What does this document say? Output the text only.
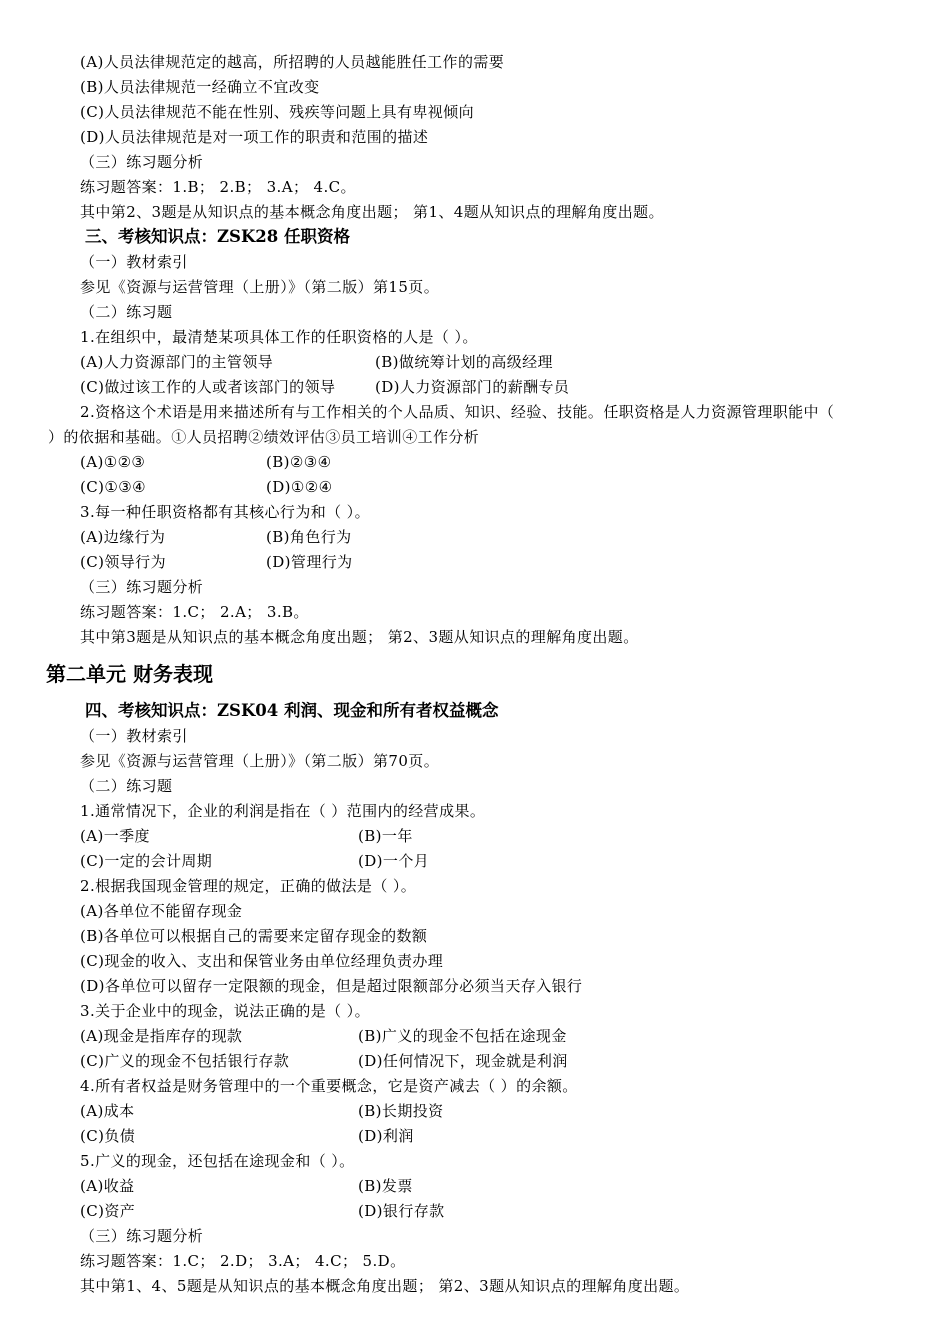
(A)人员法律规范定的越高，所招聘的人员越能胜任工作的需要
(B)人员法律规范一经确立不宜改变
(C)人员法律规范不能在性别、残疾等问题上具有卑视倾向
(D)人员法律规范是对一项工作的职责和范围的描述
（三）练习题分析
练习题答案：1.B； 2.B； 3.A； 4.C。
其中第2、3题是从知识点的基本概念角度出题； 第1、4题从知识点的理解角度出题。
三、考核知识点：ZSK28 任职资格
（一）教材索引
参见《资源与运营管理（上册）》（第二版）第15页。
（二）练习题
1.在组织中，最清楚某项具体工作的任职资格的人是（ ）。
(A)人力资源部门的主管领导	(B)做统筹计划的高级经理
(C)做过该工作的人或者该部门的领导	(D)人力资源部门的薪酬专员
2.资格这个术语是用来描述所有与工作相关的个人品质、知识、经验、技能。任职资格是人力资源管理职能中（
）的依据和基础。①人员招聘②绩效评估③员工培训④工作分析
(A)①②③	(B)②③④
(C)①③④	(D)①②④
3.每一种任职资格都有其核心行为和（ ）。
(A)边缘行为	(B)角色行为
(C)领导行为	(D)管理行为
（三）练习题分析
练习题答案：1.C； 2.A； 3.B。
其中第3题是从知识点的基本概念角度出题； 第2、3题从知识点的理解角度出题。
第二单元 财务表现
四、考核知识点：ZSK04 利润、现金和所有者权益概念
（一）教材索引
参见《资源与运营管理（上册）》（第二版）第70页。
（二）练习题
1.通常情况下，企业的利润是指在（ ）范围内的经营成果。
(A)一季度	(B)一年
(C)一定的会计周期	(D)一个月
2.根据我国现金管理的规定，正确的做法是（ ）。
(A)各单位不能留存现金
(B)各单位可以根据自己的需要来定留存现金的数额
(C)现金的收入、支出和保管业务由单位经理负责办理
(D)各单位可以留存一定限额的现金，但是超过限额部分必须当天存入银行
3.关于企业中的现金，说法正确的是（ ）。
(A)现金是指库存的现款	(B)广义的现金不包括在途现金
(C)广义的现金不包括银行存款	(D)任何情况下，现金就是利润
4.所有者权益是财务管理中的一个重要概念，它是资产减去（ ）的余额。
(A)成本	(B)长期投资
(C)负债	(D)利润
5.广义的现金，还包括在途现金和（ ）。
(A)收益	(B)发票
(C)资产	(D)银行存款
（三）练习题分析
练习题答案：1.C； 2.D； 3.A； 4.C； 5.D。
其中第1、4、5题是从知识点的基本概念角度出题； 第2、3题从知识点的理解角度出题。
